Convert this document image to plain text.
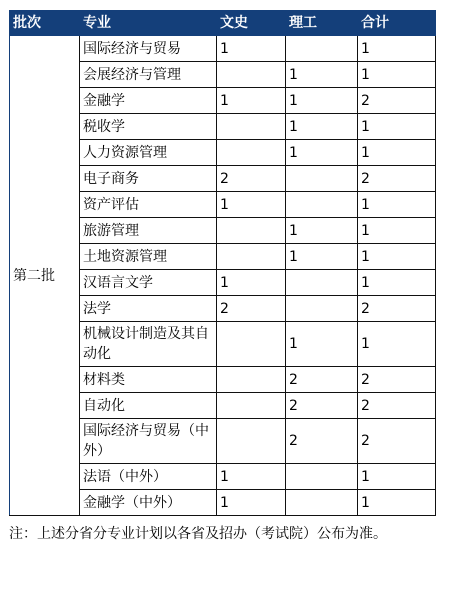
批次	专业	文史	理工	合计
第二批	国际经济与贸易	1		1
	会展经济与管理		1	1
	金融学	1	1	2
	税收学		1	1
	人力资源管理		1	1
	电子商务	2		2
	资产评估	1		1
	旅游管理		1	1
	土地资源管理		1	1
	汉语言文学	1		1
	法学	2		2
	机械设计制造及其自动化		1	1
	材料类		2	2
	自动化		2	2
	国际经济与贸易（中外）		2	2
	法语（中外）	1		1
	金融学（中外）	1		1
注：上述分省分专业计划以各省及招办（考试院）公布为准。
